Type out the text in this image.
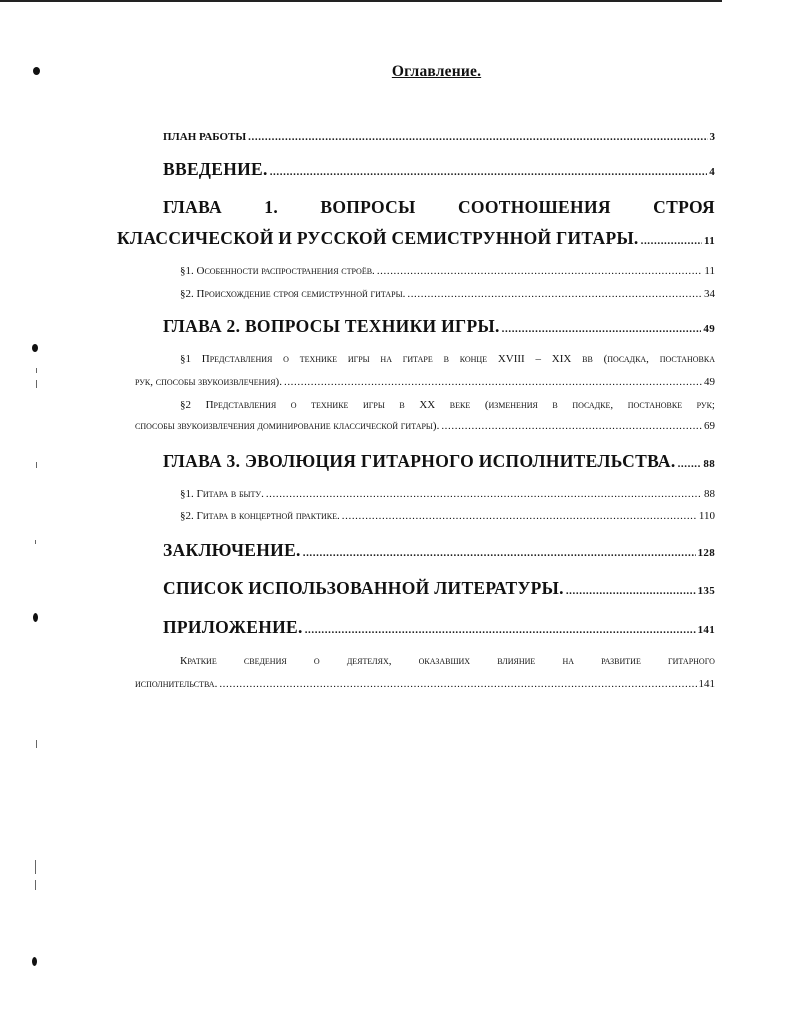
Оглавление.
ПЛАН РАБОТЫ .....	3
ВВЕДЕНИЕ. .....	4
ГЛАВА 1. ВОПРОСЫ СООТНОШЕНИЯ СТРОЯ
КЛАССИЧЕСКОЙ И РУССКОЙ СЕМИСТРУННОЙ ГИТАРЫ. .....	11
§1. Особенности распространения строёв. .....	11
§2. Происхождение строя семиструнной гитары. .....	34
ГЛАВА 2. ВОПРОСЫ ТЕХНИКИ ИГРЫ. .....	49
§1 Представления о технике игры на гитаре в конце XVIII – XIX вв (посадка, постановка
рук, способы звукоизвлечения). .....	49
§2 Представления о технике игры в XX веке (изменения в посадке, постановке рук;
способы звукоизвлечения доминирование классической гитары). .....	69
ГЛАВА 3. ЭВОЛЮЦИЯ ГИТАРНОГО ИСПОЛНИТЕЛЬСТВА. .....	88
§1. Гитара в быту. .....	88
§2. Гитара в концертной практике. .....	110
ЗАКЛЮЧЕНИЕ. .....	128
СПИСОК ИСПОЛЬЗОВАННОЙ ЛИТЕРАТУРЫ. .....	135
ПРИЛОЖЕНИЕ. .....	141
Краткие сведения о деятелях, оказавших влияние на развитие гитарного
исполнительства. .....	141
